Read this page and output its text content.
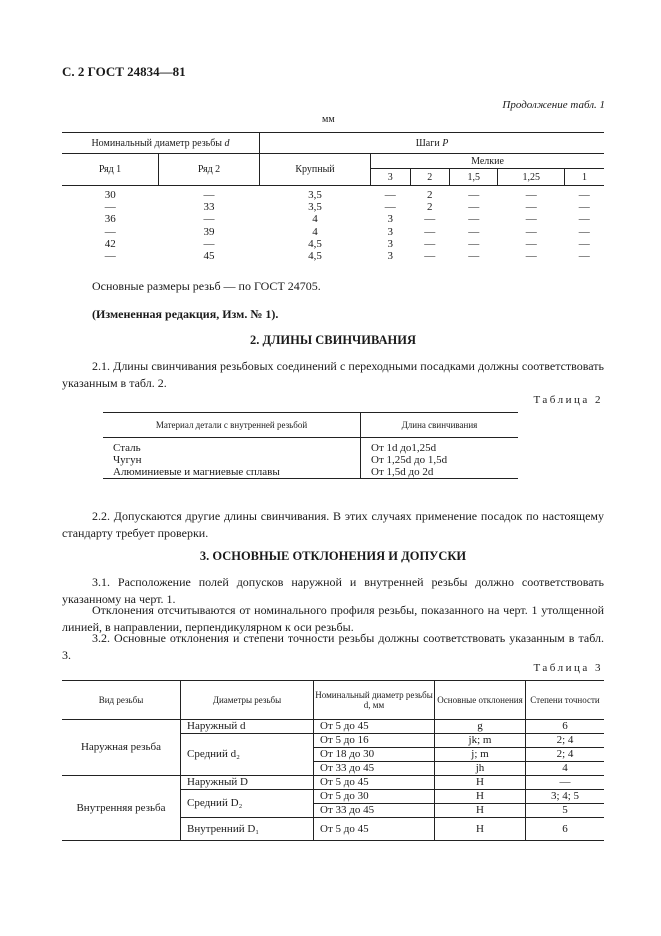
С. 2 ГОСТ 24834—81
Продолжение табл. 1
мм
Номинальный диаметр резьбы d		Шаги P					
Ряд 1	Ряд 2	Крупный	Мелкие				
			3	2	1,5	1,25	1
30	—	3,5	—	2	—	—	—
—	33	3,5	—	2	—	—	—
36	—	4	3	—	—	—	—
—	39	4	3	—	—	—	—
42	—	4,5	3	—	—	—	—
—	45	4,5	3	—	—	—	—
Основные размеры резьб — по ГОСТ 24705.
(Измененная редакция, Изм. № 1).
2. ДЛИНЫ СВИНЧИВАНИЯ
2.1. Длины свинчивания резьбовых соединений с переходными посадками должны соответствовать указанным в табл. 2.
Таблица 2
Материал детали с внутренней резьбой	Длина свинчивания
Сталь	От 1d до1,25d
Чугун	От 1,25d до 1,5d
Алюминиевые и магниевые сплавы	От 1,5d до 2d
2.2. Допускаются другие длины свинчивания. В этих случаях применение посадок по настоящему стандарту требует проверки.
3. ОСНОВНЫЕ ОТКЛОНЕНИЯ И ДОПУСКИ
3.1. Расположение полей допусков наружной и внутренней резьбы должно соответствовать указанному на черт. 1.
Отклонения отсчитываются от номинального профиля резьбы, показанного на черт. 1 утолщенной линией, в направлении, перпендикулярном к оси резьбы.
3.2. Основные отклонения и степени точности резьбы должны соответствовать указанным в табл. 3.
Таблица 3
Вид резьбы	Диаметры резьбы	Номинальный диаметр резьбы d, мм	Основные отклонения	Степени точности
Наружная резьба	Наружный d	От 5 до 45	g	6
	Средний d₂	От 5 до 16	jk; m	2; 4
		От 18 до 30	j; m	2; 4
		От 33 до 45	jh	4
Внутренняя резьба	Наружный D	От 5 до 45	H	—
	Средний D₂	От 5 до 30	H	3; 4; 5
		От 33 до 45	H	5
	Внутренний D₁	От 5 до 45	H	6
